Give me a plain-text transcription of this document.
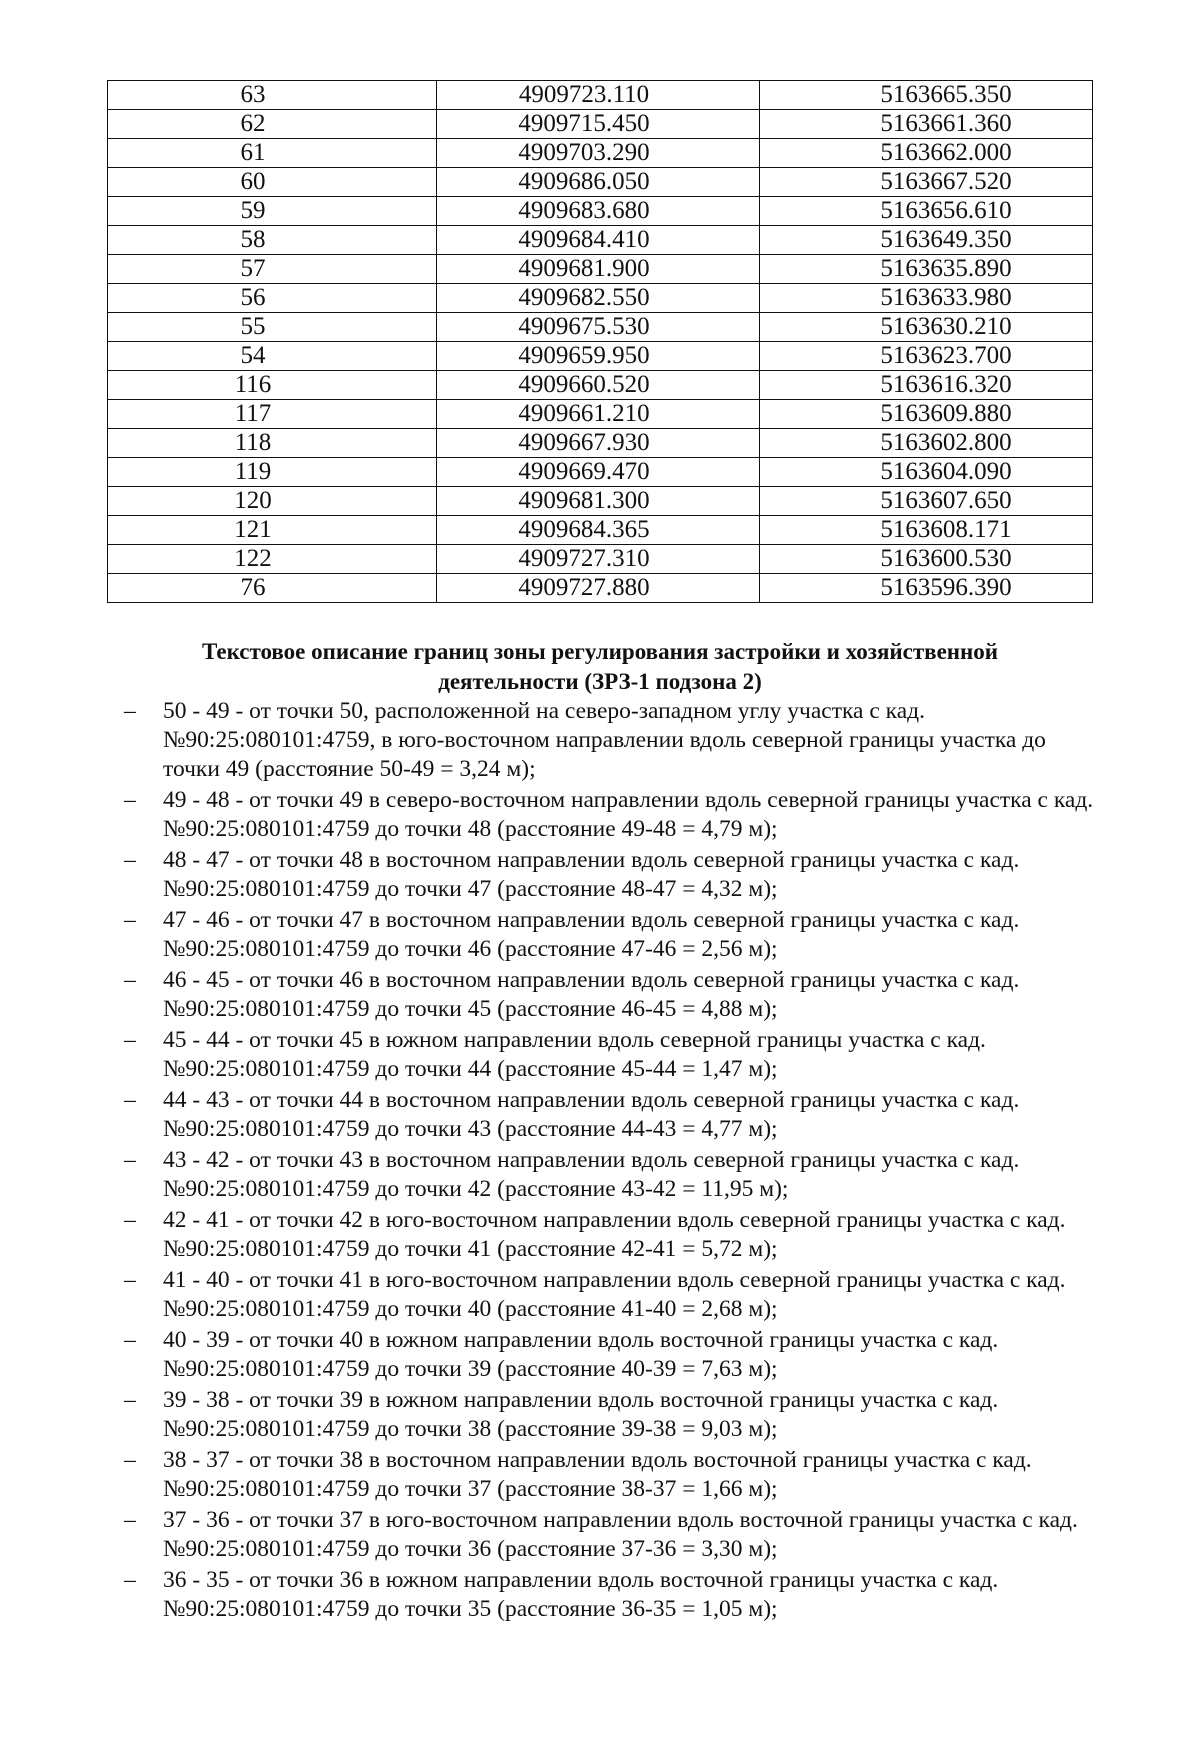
63	4909723.110	5163665.350
62	4909715.450	5163661.360
61	4909703.290	5163662.000
60	4909686.050	5163667.520
59	4909683.680	5163656.610
58	4909684.410	5163649.350
57	4909681.900	5163635.890
56	4909682.550	5163633.980
55	4909675.530	5163630.210
54	4909659.950	5163623.700
116	4909660.520	5163616.320
117	4909661.210	5163609.880
118	4909667.930	5163602.800
119	4909669.470	5163604.090
120	4909681.300	5163607.650
121	4909684.365	5163608.171
122	4909727.310	5163600.530
76	4909727.880	5163596.390
Текстовое описание границ зоны регулирования застройки и хозяйственной
деятельности (ЗРЗ-1 подзона 2)
– 50 - 49 - от точки 50, расположенной на северо-западном углу участка с кад. №90:25:080101:4759, в юго-восточном направлении вдоль северной границы участка до точки 49 (расстояние 50-49 = 3,24 м);
– 49 - 48 - от точки 49 в северо-восточном направлении вдоль северной границы участка с кад. №90:25:080101:4759 до точки 48 (расстояние 49-48 = 4,79 м);
– 48 - 47 - от точки 48 в восточном направлении вдоль северной границы участка с кад. №90:25:080101:4759 до точки 47 (расстояние 48-47 = 4,32 м);
– 47 - 46 - от точки 47 в восточном направлении вдоль северной границы участка с кад. №90:25:080101:4759 до точки 46 (расстояние 47-46 = 2,56 м);
– 46 - 45 - от точки 46 в восточном направлении вдоль северной границы участка с кад. №90:25:080101:4759 до точки 45 (расстояние 46-45 = 4,88 м);
– 45 - 44 - от точки 45 в южном направлении вдоль северной границы участка с кад. №90:25:080101:4759 до точки 44 (расстояние 45-44 = 1,47 м);
– 44 - 43 - от точки 44 в восточном направлении вдоль северной границы участка с кад. №90:25:080101:4759 до точки 43 (расстояние 44-43 = 4,77 м);
– 43 - 42 - от точки 43 в восточном направлении вдоль северной границы участка с кад. №90:25:080101:4759 до точки 42 (расстояние 43-42 = 11,95 м);
– 42 - 41 - от точки 42 в юго-восточном направлении вдоль северной границы участка с кад. №90:25:080101:4759 до точки 41 (расстояние 42-41 = 5,72 м);
– 41 - 40 - от точки 41 в юго-восточном направлении вдоль северной границы участка с кад. №90:25:080101:4759 до точки 40 (расстояние 41-40 = 2,68 м);
– 40 - 39 - от точки 40 в южном направлении вдоль восточной границы участка с кад. №90:25:080101:4759 до точки 39 (расстояние 40-39 = 7,63 м);
– 39 - 38 - от точки 39 в южном направлении вдоль восточной границы участка с кад. №90:25:080101:4759 до точки 38 (расстояние 39-38 = 9,03 м);
– 38 - 37 - от точки 38 в восточном направлении вдоль восточной границы участка с кад. №90:25:080101:4759 до точки 37 (расстояние 38-37 = 1,66 м);
– 37 - 36 - от точки 37 в юго-восточном направлении вдоль восточной границы участка с кад. №90:25:080101:4759 до точки 36 (расстояние 37-36 = 3,30 м);
– 36 - 35 - от точки 36 в южном направлении вдоль восточной границы участка с кад. №90:25:080101:4759 до точки 35 (расстояние 36-35 = 1,05 м);
